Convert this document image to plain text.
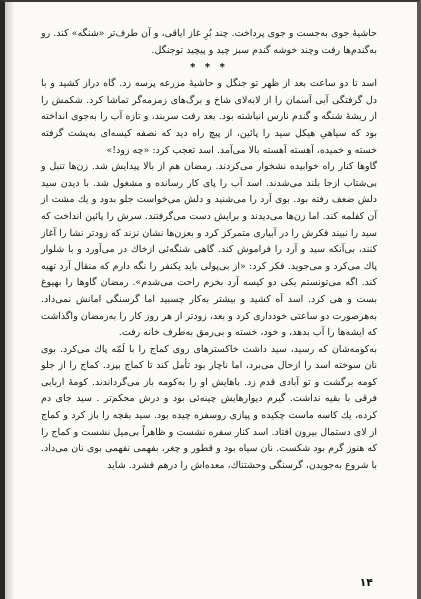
حاشیهٔ جوی به‌جست و جوی پرداخت. چند بُرِ غاز ایاقی، و آن طرف‌تر «شنگه» کند. رو به‌گندم‌ها رفت وچند خوشه گندم سبز چید و پیچید توجنگل.

* * *

اسد تا دو ساعت بعد از ظهر تو جنگل و حاشیهٔ مزرعه پرسه زد. گاه دراز کشید و با دل گرفتگی آبی آسمان را از لابه‌لای شاخ و برگ‌های زمزمه‌گر تماشا کرد. شکمش را از ریشهٔ شنگه و گندم نارس انباشته بود. بعد رفت سربند، و تازه آب را به‌جوی انداخته بود که سیاهیِ هیکل سید را پائین، از پیچ راه دید که نصفه کیسه‌ای به‌پشت گرفته خسته و خمیده، آهسته آهسته بالا می‌آمد. اسد تعجب کرد: «چه زود!»

گاوها کنار راه خوابیده نشخوار می‌کردند. رمضان هم از بالا پیدایش شد. زن‌ها تنبل و بی‌شتاب ازجا بلند می‌شدند. اسد آب را پای کار رسانده و مشغول شد. با دیدن سید دلش ضعف رفته بود. بوی آرد را می‌شنید و دلش می‌خواست جلو بدود و یك مشت از آن کفلمه کند. اما زن‌ها می‌دیدند و برایش دست می‌گرفتند. سرش را پائین انداخت که سید را نبیند فکرش را در آبیاری متمرکز کرد و بعزن‌ها نشان نزند که زودتر نشا را آغاز کنند، بی‌آنکه سید و آرد را فراموش کند. گاهی شنگه‌ئی ازخاك در می‌آورد و با شلوار پاك می‌کرد و می‌جوید. فکر کرد: «از بی‌پولی باید یکنفر را نگه دارم که منقال آرد تهیه کند. اگه می‌تونستم یکی دو کیسه آرد بخرم راحت می‌شدم». رمضان گاوها را بهیوغ بست و هی کرد. اسد آه کشید و بیشتر به‌کار چسبید اما گرسنگی امانش نمی‌داد. به‌هرصورت دو ساعتی خودداری کرد و بعد، زودتر از هر روز کار را بەرمضان واگذاشت که ایشه‌ها را آب بدهد، و خود، خسته و بی‌رمق به‌طرف خانه رفت.

به‌کومه‌شان که رسید، سید داشت خاکسترهای روی کماج‌ را با لَمّه‌ پاك می‌کرد. بوی نان سوخته اسد را ازحال می‌برد، اما ناچار بود تأمل کند تا کماج بپزد. کماج را از جلو کومه برگشت و تو آبادی قدم زد. باهایش او را به‌کومه باز می‌گرداندند. کومهٔ اربابی فرقی با بقیه نداشت. گیرم دیوارهایش چینه‌ئی بود و درش محکم‌تر . سید جای دم کرده، یك کاسه ماست چکیده و پیازی روسفره چیده بود. سید بقچه را باز کرد و کماج از لای دستمال بیرون افتاد. اسد کنار سفره نشست و ظاهراً بی‌میل نشست و کماج را که هنوز گرم بود شکست. نان سیاه بود و قطور و چغر، بفهمی نفهمی بوی نان می‌داد. با شروع به‌جویدن، گرسنگی وحشتناك، معده‌اش را درهم فشرد. شاید

۱۴
